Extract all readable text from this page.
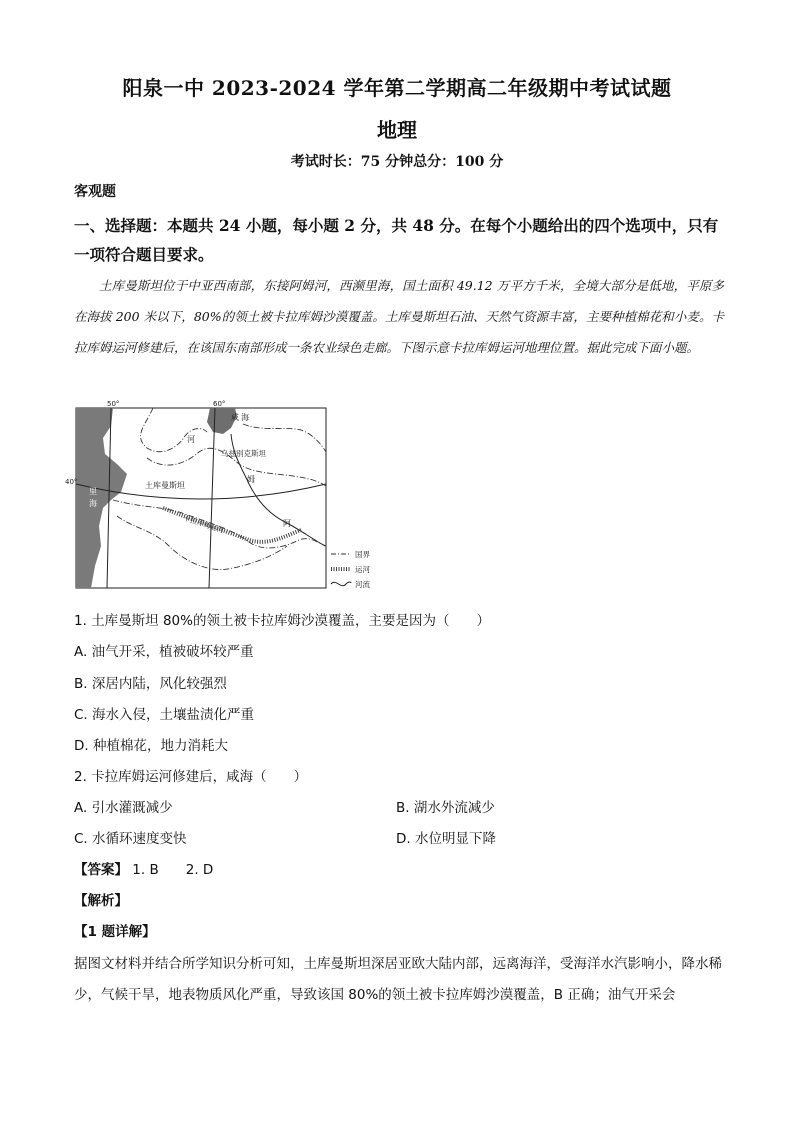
阳泉一中 2023-2024 学年第二学期高二年级期中考试试题
地理
考试时长：75 分钟总分：100 分
客观题
一、选择题：本题共 24 小题，每小题 2 分，共 48 分。在每个小题给出的四个选项中，只有一项符合题目要求。
土库曼斯坦位于中亚西南部，东接阿姆河，西濒里海，国土面积 49.12 万平方千米，全境大部分是低地，平原多在海拔 200 米以下，80%的领土被卡拉库姆沙漠覆盖。土库曼斯坦石油、天然气资源丰富，主要种植棉花和小麦。卡拉库姆运河修建后，在该国东南部形成一条农业绿色走廊。下图示意卡拉库姆运河地理位置。据此完成下面小题。
50°	60°
40°
咸 海
河
乌兹别克斯坦
土库曼斯坦
姆
阿
里
海
卡拉库姆运河
国界
运河
河流
1. 土库曼斯坦 80%的领土被卡拉库姆沙漠覆盖，主要是因为（　　）
A. 油气开采，植被破坏较严重
B. 深居内陆，风化较强烈
C. 海水入侵，土壤盐渍化严重
D. 种植棉花，地力消耗大
2. 卡拉库姆运河修建后，咸海（　　）
A. 引水灌溉减少	B. 湖水外流减少
C. 水循环速度变快	D. 水位明显下降
【答案】 1. B　　2. D
【解析】
【1 题详解】
据图文材料并结合所学知识分析可知，土库曼斯坦深居亚欧大陆内部，远离海洋，受海洋水汽影响小，降水稀少，气候干旱，地表物质风化严重，导致该国 80%的领土被卡拉库姆沙漠覆盖，B 正确；油气开采会
